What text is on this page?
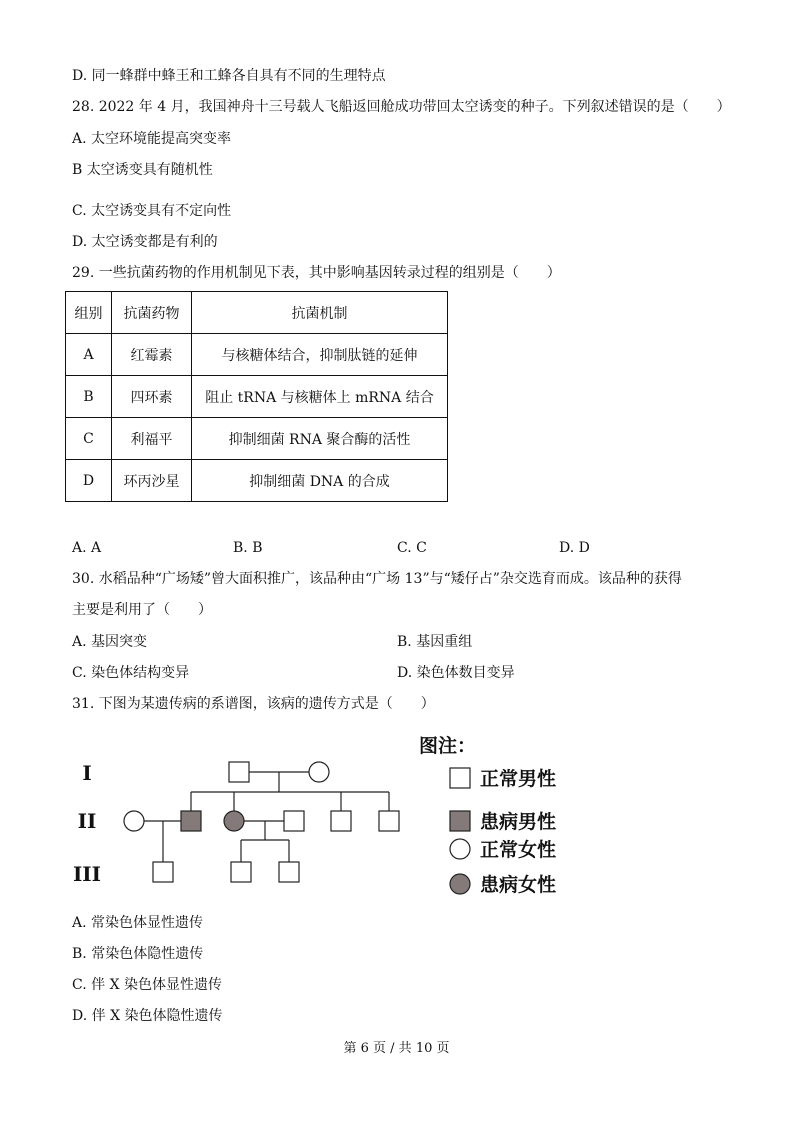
D. 同一蜂群中蜂王和工蜂各自具有不同的生理特点
28. 2022 年 4 月，我国神舟十三号载人飞船返回舱成功带回太空诱变的种子。下列叙述错误的是（　　）
A. 太空环境能提高突变率
B 太空诱变具有随机性
C. 太空诱变具有不定向性
D. 太空诱变都是有利的
29. 一些抗菌药物的作用机制见下表，其中影响基因转录过程的组别是（　　）
组别	抗菌药物	抗菌机制
A	红霉素	与核糖体结合，抑制肽链的延伸
B	四环素	阻止 tRNA 与核糖体上 mRNA 结合
C	利福平	抑制细菌 RNA 聚合酶的活性
D	环丙沙星	抑制细菌 DNA 的合成
A. A	B. B	C. C	D. D
30. 水稻品种“广场矮”曾大面积推广，该品种由“广场 13”与“矮仔占”杂交选育而成。该品种的获得
主要是利用了（　　）
A. 基因突变	B. 基因重组
C. 染色体结构变异	D. 染色体数目变异
31. 下图为某遗传病的系谱图，该病的遗传方式是（　　）
I
II
III
图注：
正常男性
患病男性
正常女性
患病女性
A. 常染色体显性遗传
B. 常染色体隐性遗传
C. 伴 X 染色体显性遗传
D. 伴 X 染色体隐性遗传
第 6 页 / 共 10 页
